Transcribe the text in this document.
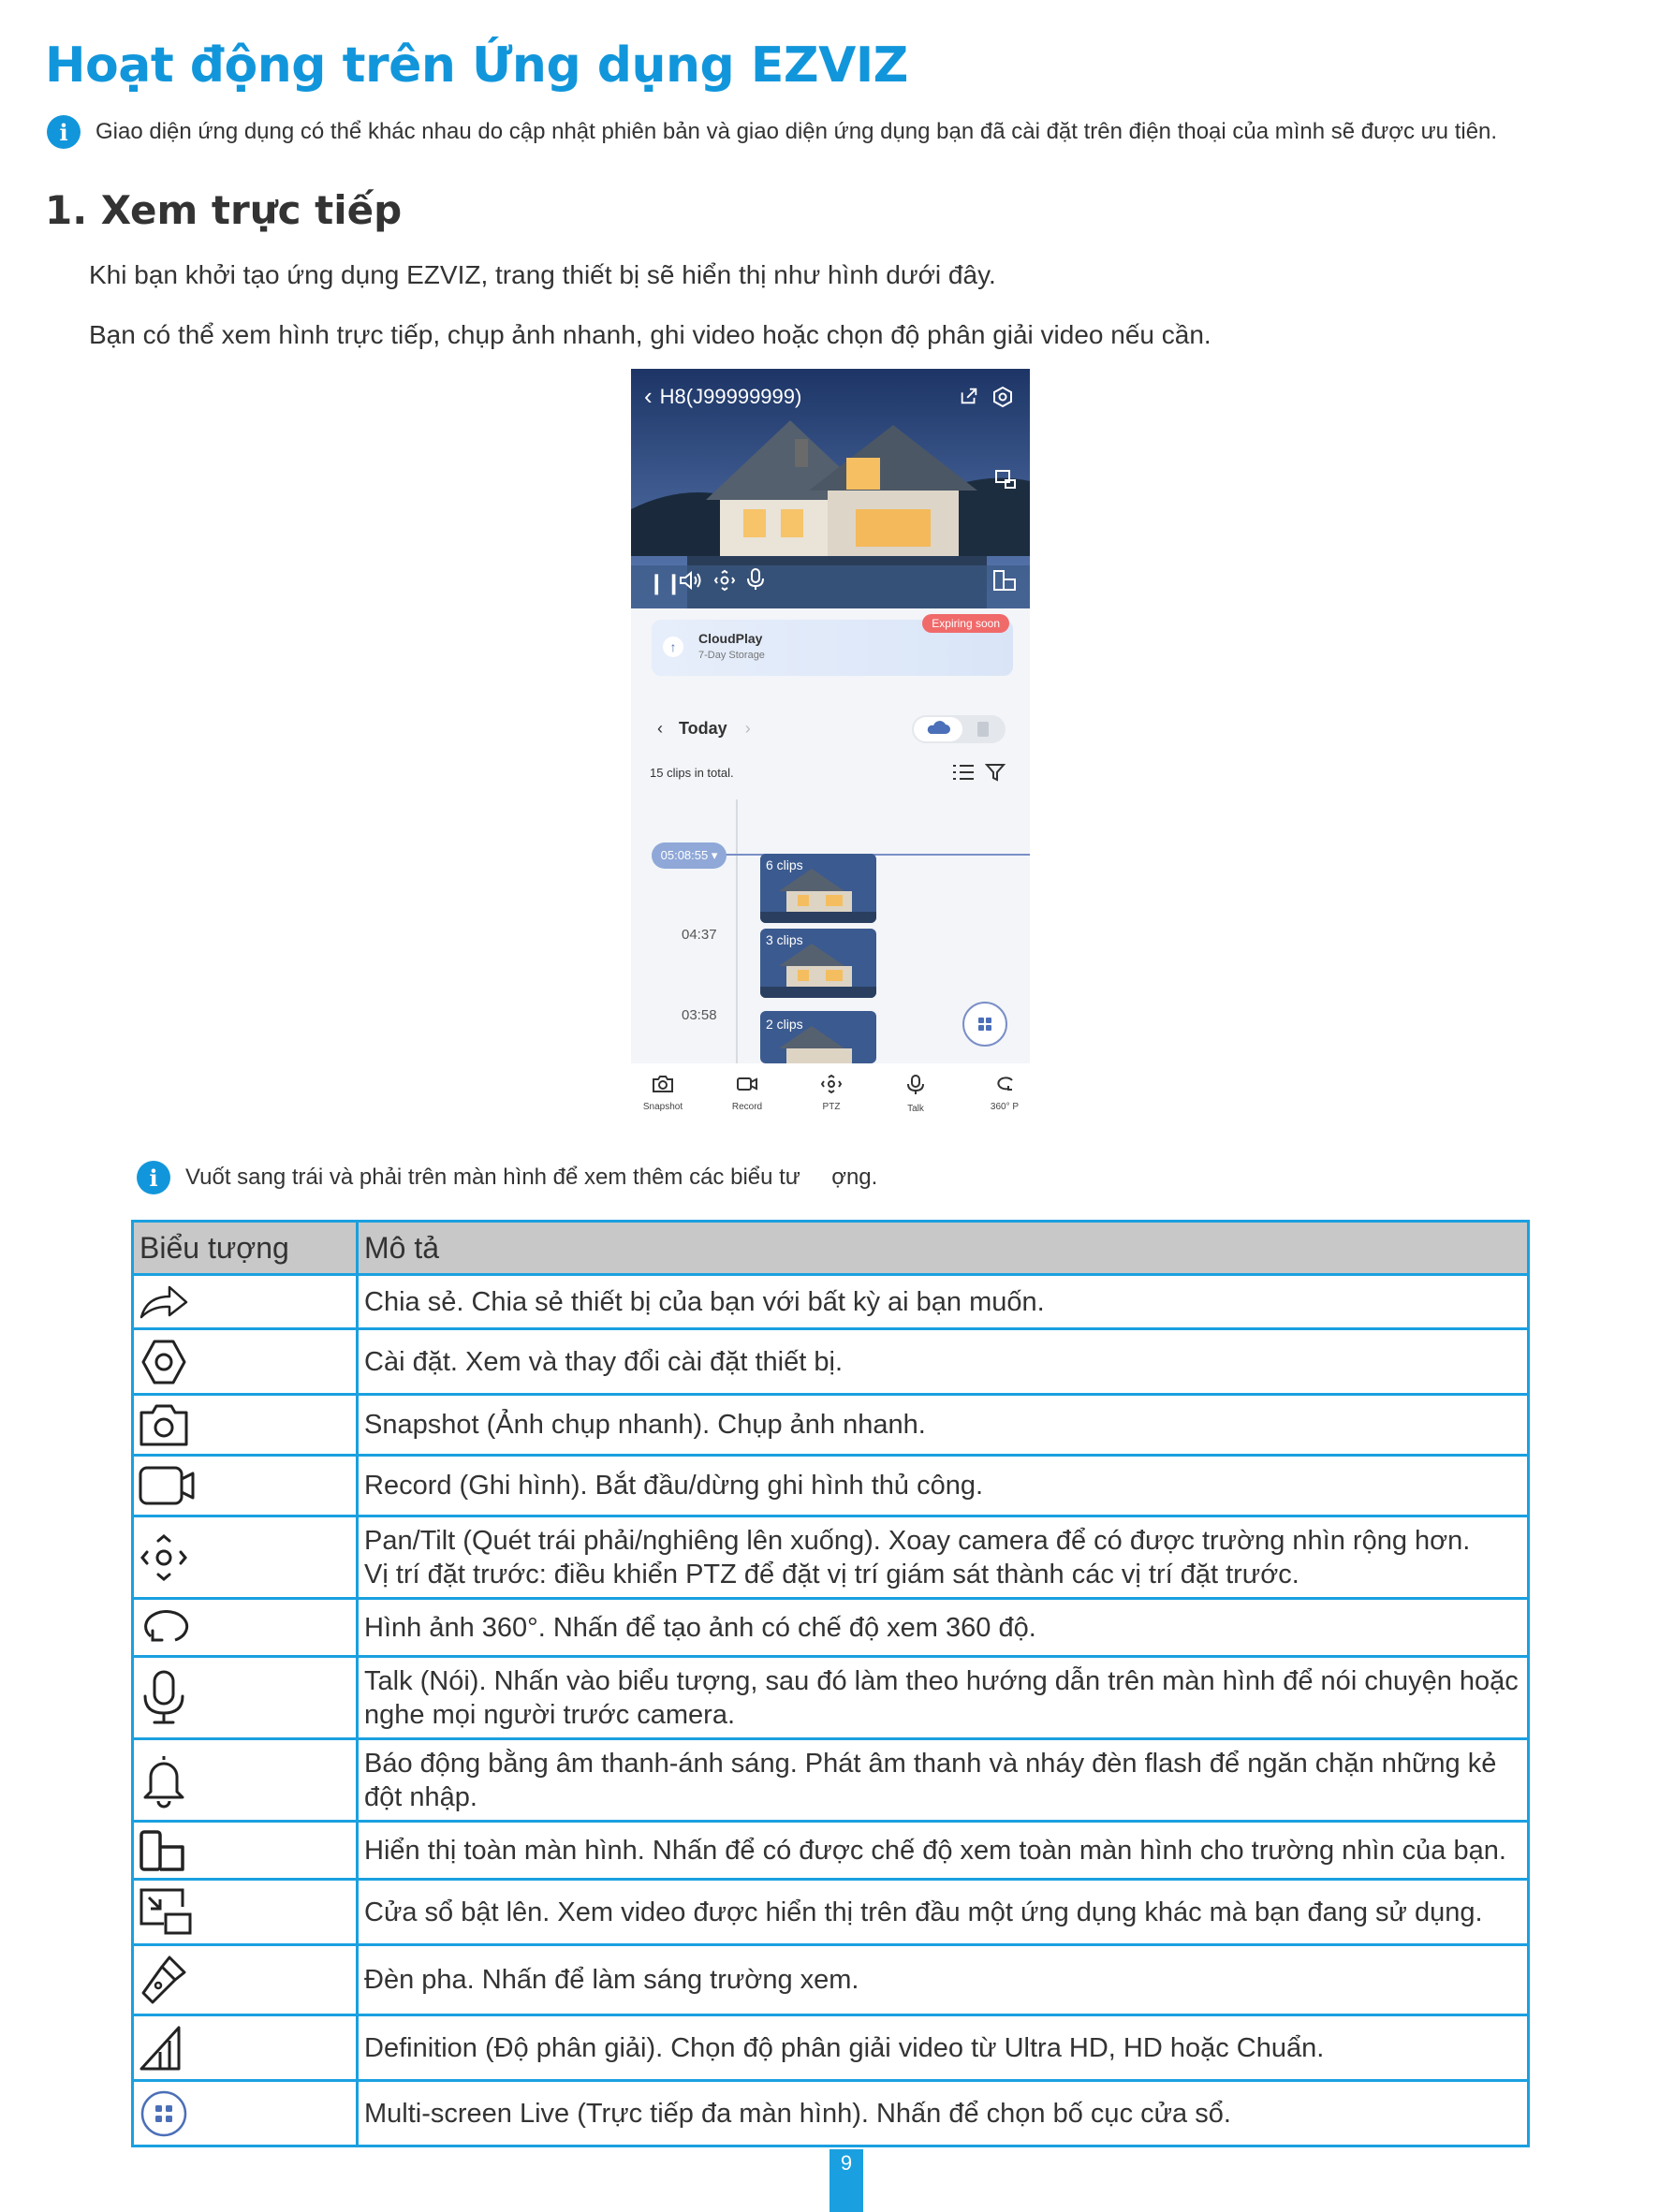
Hoạt động trên Ứng dụng EZVIZ
i	Giao diện ứng dụng có thể khác nhau do cập nhật phiên bản và giao diện ứng dụng bạn đã cài đặt trên điện thoại của mình sẽ được ưu tiên.
1. Xem trực tiếp
Khi bạn khởi tạo ứng dụng EZVIZ, trang thiết bị sẽ hiển thị như hình dưới đây.
Bạn có thể xem hình trực tiếp, chụp ảnh nhanh, ghi video hoặc chọn độ phân giải video nếu cần.
‹ H8(J99999999)
❙❙
Expiring soon
↑
CloudPlay
7-Day Storage
‹ Today ›
15 clips in total.
05:08:55 ▾
04:37
03:58
6 clips
3 clips
2 clips
Snapshot	Record	PTZ	Talk	360° P
i	Vuốt sang trái và phải trên màn hình để xem thêm các biểu tư     ợng.
Biểu tượng	Mô tả

	Chia sẻ. Chia sẻ thiết bị của bạn với bất kỳ ai bạn muốn.

	Cài đặt. Xem và thay đổi cài đặt thiết bị.

	Snapshot (Ảnh chụp nhanh). Chụp ảnh nhanh.

	Record (Ghi hình). Bắt đầu/dừng ghi hình thủ công.

Pan/Tilt (Quét trái phải/nghiêng lên xuống). Xoay camera để có được trường nhìn rộng hơn.
Vị trí đặt trước: điều khiển PTZ để đặt vị trí giám sát thành các vị trí đặt trước.

	Hình ảnh 360°. Nhấn để tạo ảnh có chế độ xem 360 độ.

	Talk (Nói). Nhấn vào biểu tượng, sau đó làm theo hướng dẫn trên màn hình để nói chuyện hoặc nghe mọi người trước camera.

	Báo động bằng âm thanh-ánh sáng. Phát âm thanh và nháy đèn flash để ngăn chặn những kẻ đột nhập.

	Hiển thị toàn màn hình. Nhấn để có được chế độ xem toàn màn hình cho trường nhìn của bạn.

	Cửa sổ bật lên. Xem video được hiển thị trên đầu một ứng dụng khác mà bạn đang sử dụng.

	Đèn pha. Nhấn để làm sáng trường xem.

	Definition (Độ phân giải). Chọn độ phân giải video từ Ultra HD, HD hoặc Chuẩn.

	Multi-screen Live (Trực tiếp đa màn hình). Nhấn để chọn bố cục cửa sổ.
9
